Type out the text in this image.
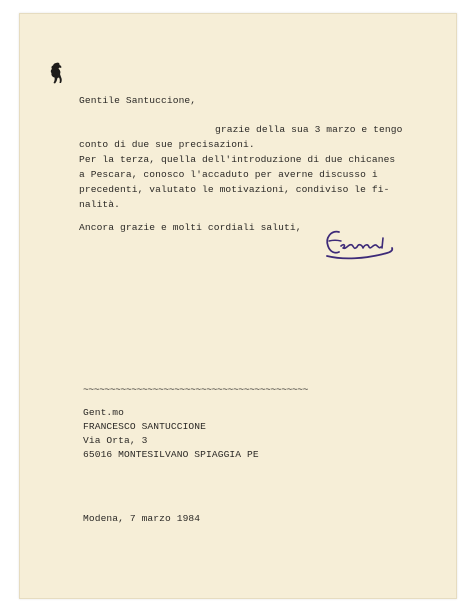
Gentile Santuccione,
grazie della sua 3 marzo e tengo
conto di due sue precisazioni.
Per la terza, quella dell'introduzione di due chicanes
a Pescara, conosco l'accaduto per averne discusso i
precedenti, valutato le motivazioni, condiviso le fi-
nalità.
Ancora grazie e molti cordiali saluti,
~~~~~~~~~~~~~~~~~~~~~~~~~~~~~~~~~~~~~~~~~~
Gent.mo
FRANCESCO SANTUCCIONE
Via Orta, 3
65016 MONTESILVANO SPIAGGIA PE
Modena, 7 marzo 1984
